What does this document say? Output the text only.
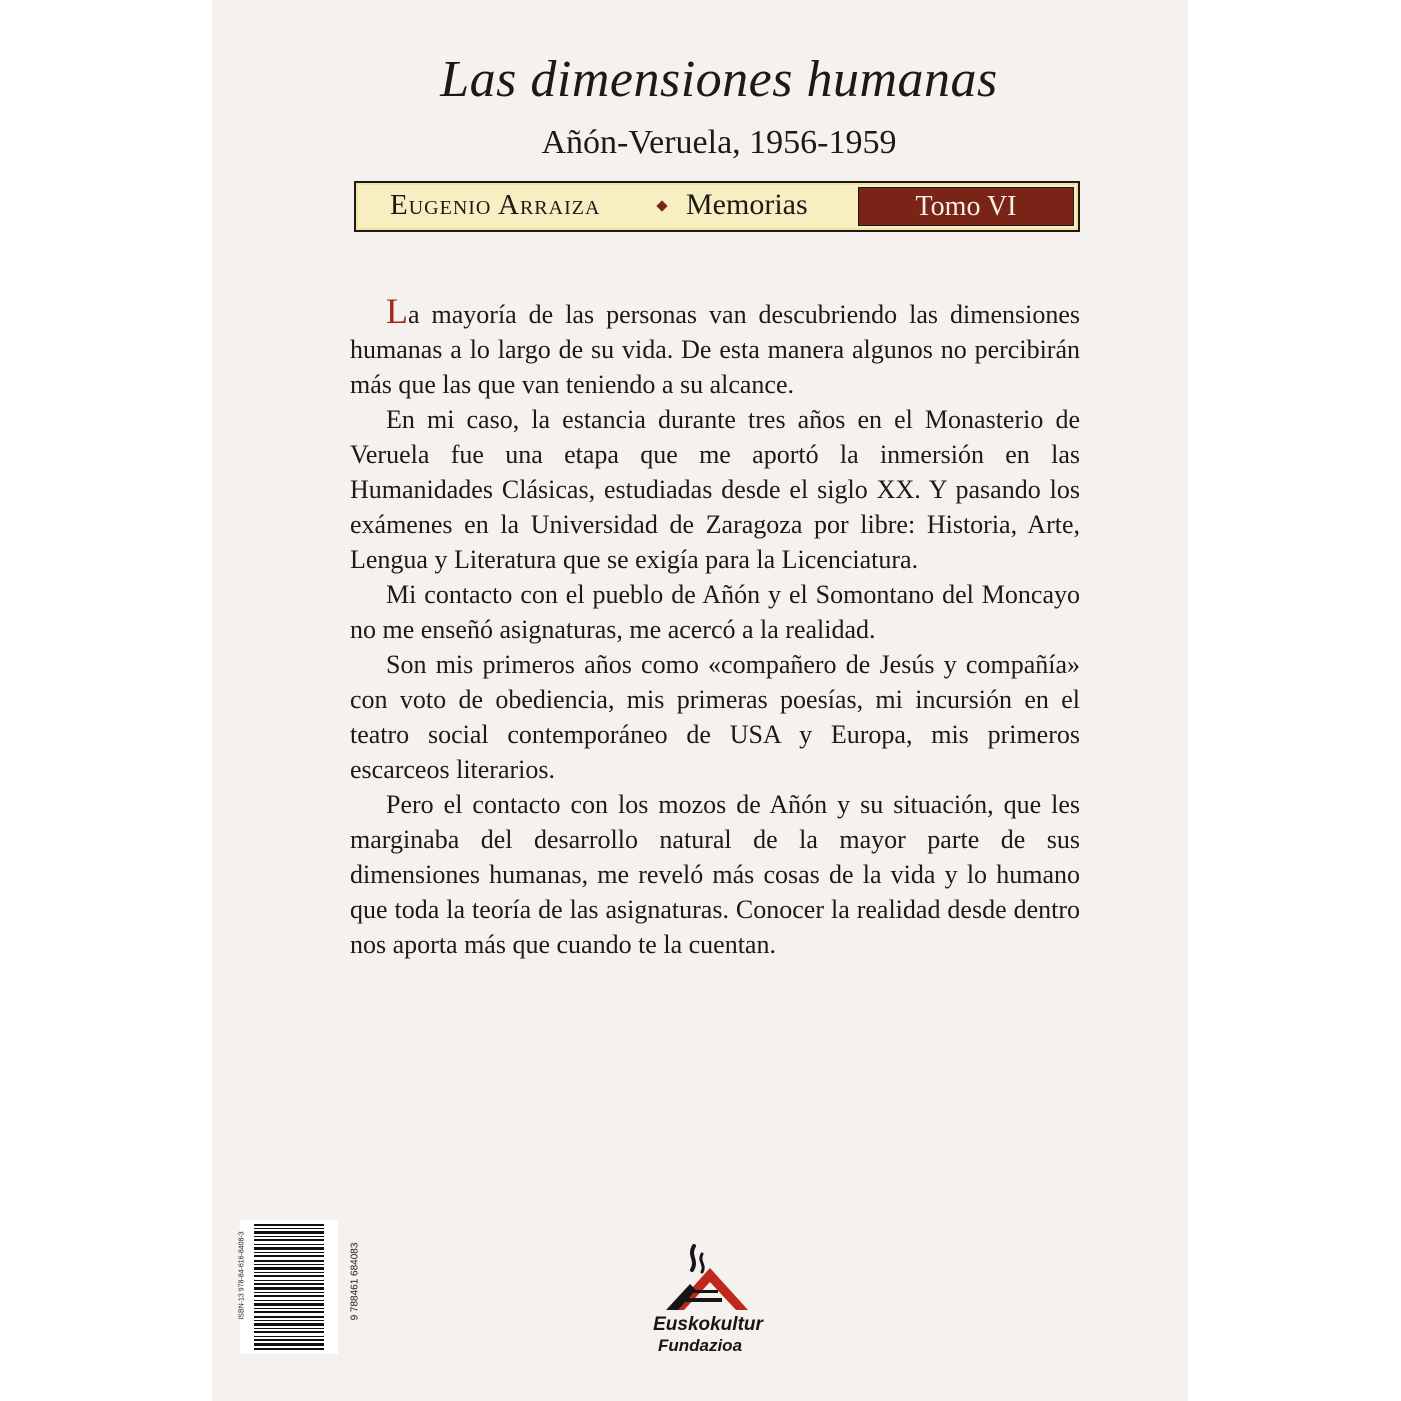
Las dimensiones humanas
Añón-Veruela, 1956-1959
Eugenio Arraiza	Memorias	Tomo VI

La mayoría de las personas van descubriendo las dimensiones humanas a lo largo de su vida. De esta manera algunos no percibirán más que las que van teniendo a su alcance.

En mi caso, la estancia durante tres años en el Monasterio de Veruela fue una etapa que me aportó la inmersión en las Humanidades Clásicas, estudiadas desde el siglo XX. Y pasando los exámenes en la Universidad de Zaragoza por libre: Historia, Arte, Lengua y Literatura que se exigía para la Licenciatura.

Mi contacto con el pueblo de Añón y el Somontano del Moncayo no me enseñó asignaturas, me acercó a la realidad.

Son mis primeros años como «compañero de Jesús y compañía» con voto de obediencia, mis primeras poesías, mi incursión en el teatro social contemporáneo de USA y Europa, mis primeros escarceos literarios.

Pero el contacto con los mozos de Añón y su situación, que les marginaba del desarrollo natural de la mayor parte de sus dimensiones humanas, me reveló más cosas de la vida y lo humano que toda la teoría de las asignaturas. Conocer la realidad desde dentro nos aporta más que cuando te la cuentan.

ISBN-13 978-84-616-8408-3	9 788461 684083
Euskokultur
Fundazioa
